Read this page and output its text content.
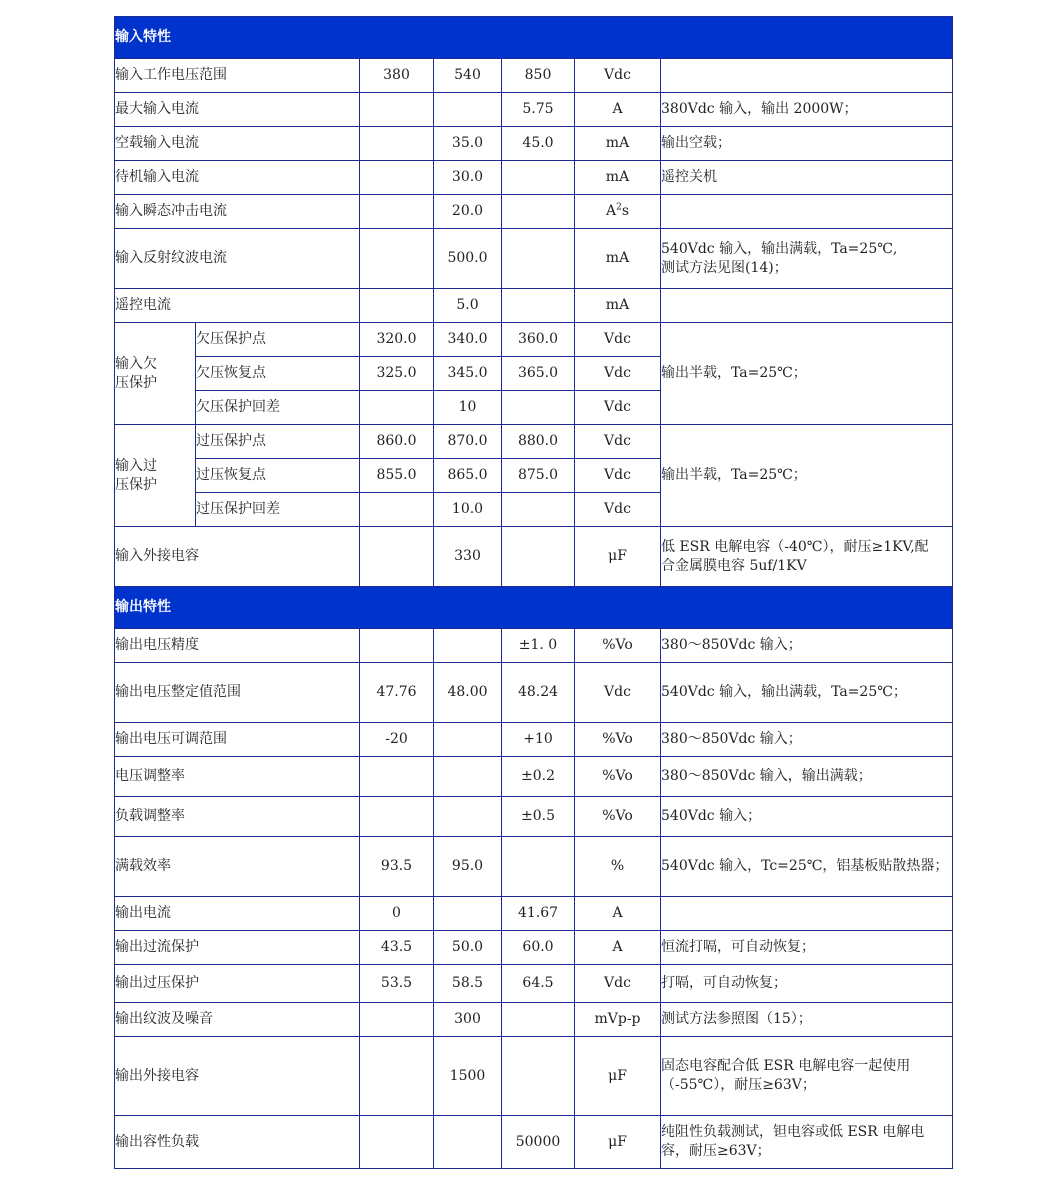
输入特性						
输入工作电压范围		380	540	850	Vdc	
最大输入电流				5.75	A	380Vdc 输入，输出 2000W；
空载输入电流			35.0	45.0	mA	输出空载；
待机输入电流			30.0		mA	遥控关机
输入瞬态冲击电流			20.0		$A^2s$	
输入反射纹波电流			500.0		mA	540Vdc 输入，输出满载，Ta=25℃,
测试方法见图(14)；

遥控电流			5.0		mA	

输入欠
压保护	欠压保护点	320.0	340.0	360.0	Vdc	输出半载，Ta=25℃；
	欠压恢复点	325.0	345.0	365.0	Vdc	
	欠压保护回差		10		Vdc	

输入过
压保护	过压保护点	860.0	870.0	880.0	Vdc	输出半载，Ta=25℃；
	过压恢复点	855.0	865.0	875.0	Vdc	
	过压保护回差		10.0		Vdc	
输入外接电容			330		μF	低 ESR 电解电容（-40℃），耐压≥1KV,配
合金属膜电容 5uf/1KV

输出特性						
输出电压精度				±1. 0	%Vo	380～850Vdc 输入；
输出电压整定值范围		47.76	48.00	48.24	Vdc	540Vdc 输入，输出满载，Ta=25℃；
输出电压可调范围		-20		+10	%Vo	380～850Vdc 输入；
电压调整率				±0.2	%Vo	380～850Vdc 输入，输出满载；
负载调整率				±0.5	%Vo	540Vdc 输入；
满载效率		93.5	95.0		%	540Vdc 输入，Tc=25℃，铝基板贴散热器；
输出电流		0		41.67	A	
输出过流保护		43.5	50.0	60.0	A	恒流打嗝，可自动恢复；
输出过压保护		53.5	58.5	64.5	Vdc	打嗝，可自动恢复；
输出纹波及噪音			300		mVp-p	测试方法参照图（15）；
输出外接电容			1500		μF	固态电容配合低 ESR 电解电容一起使用
（-55℃），耐压≥63V；

输出容性负载				50000	μF	纯阻性负载测试，钽电容或低 ESR 电解电
容，耐压≥63V；
